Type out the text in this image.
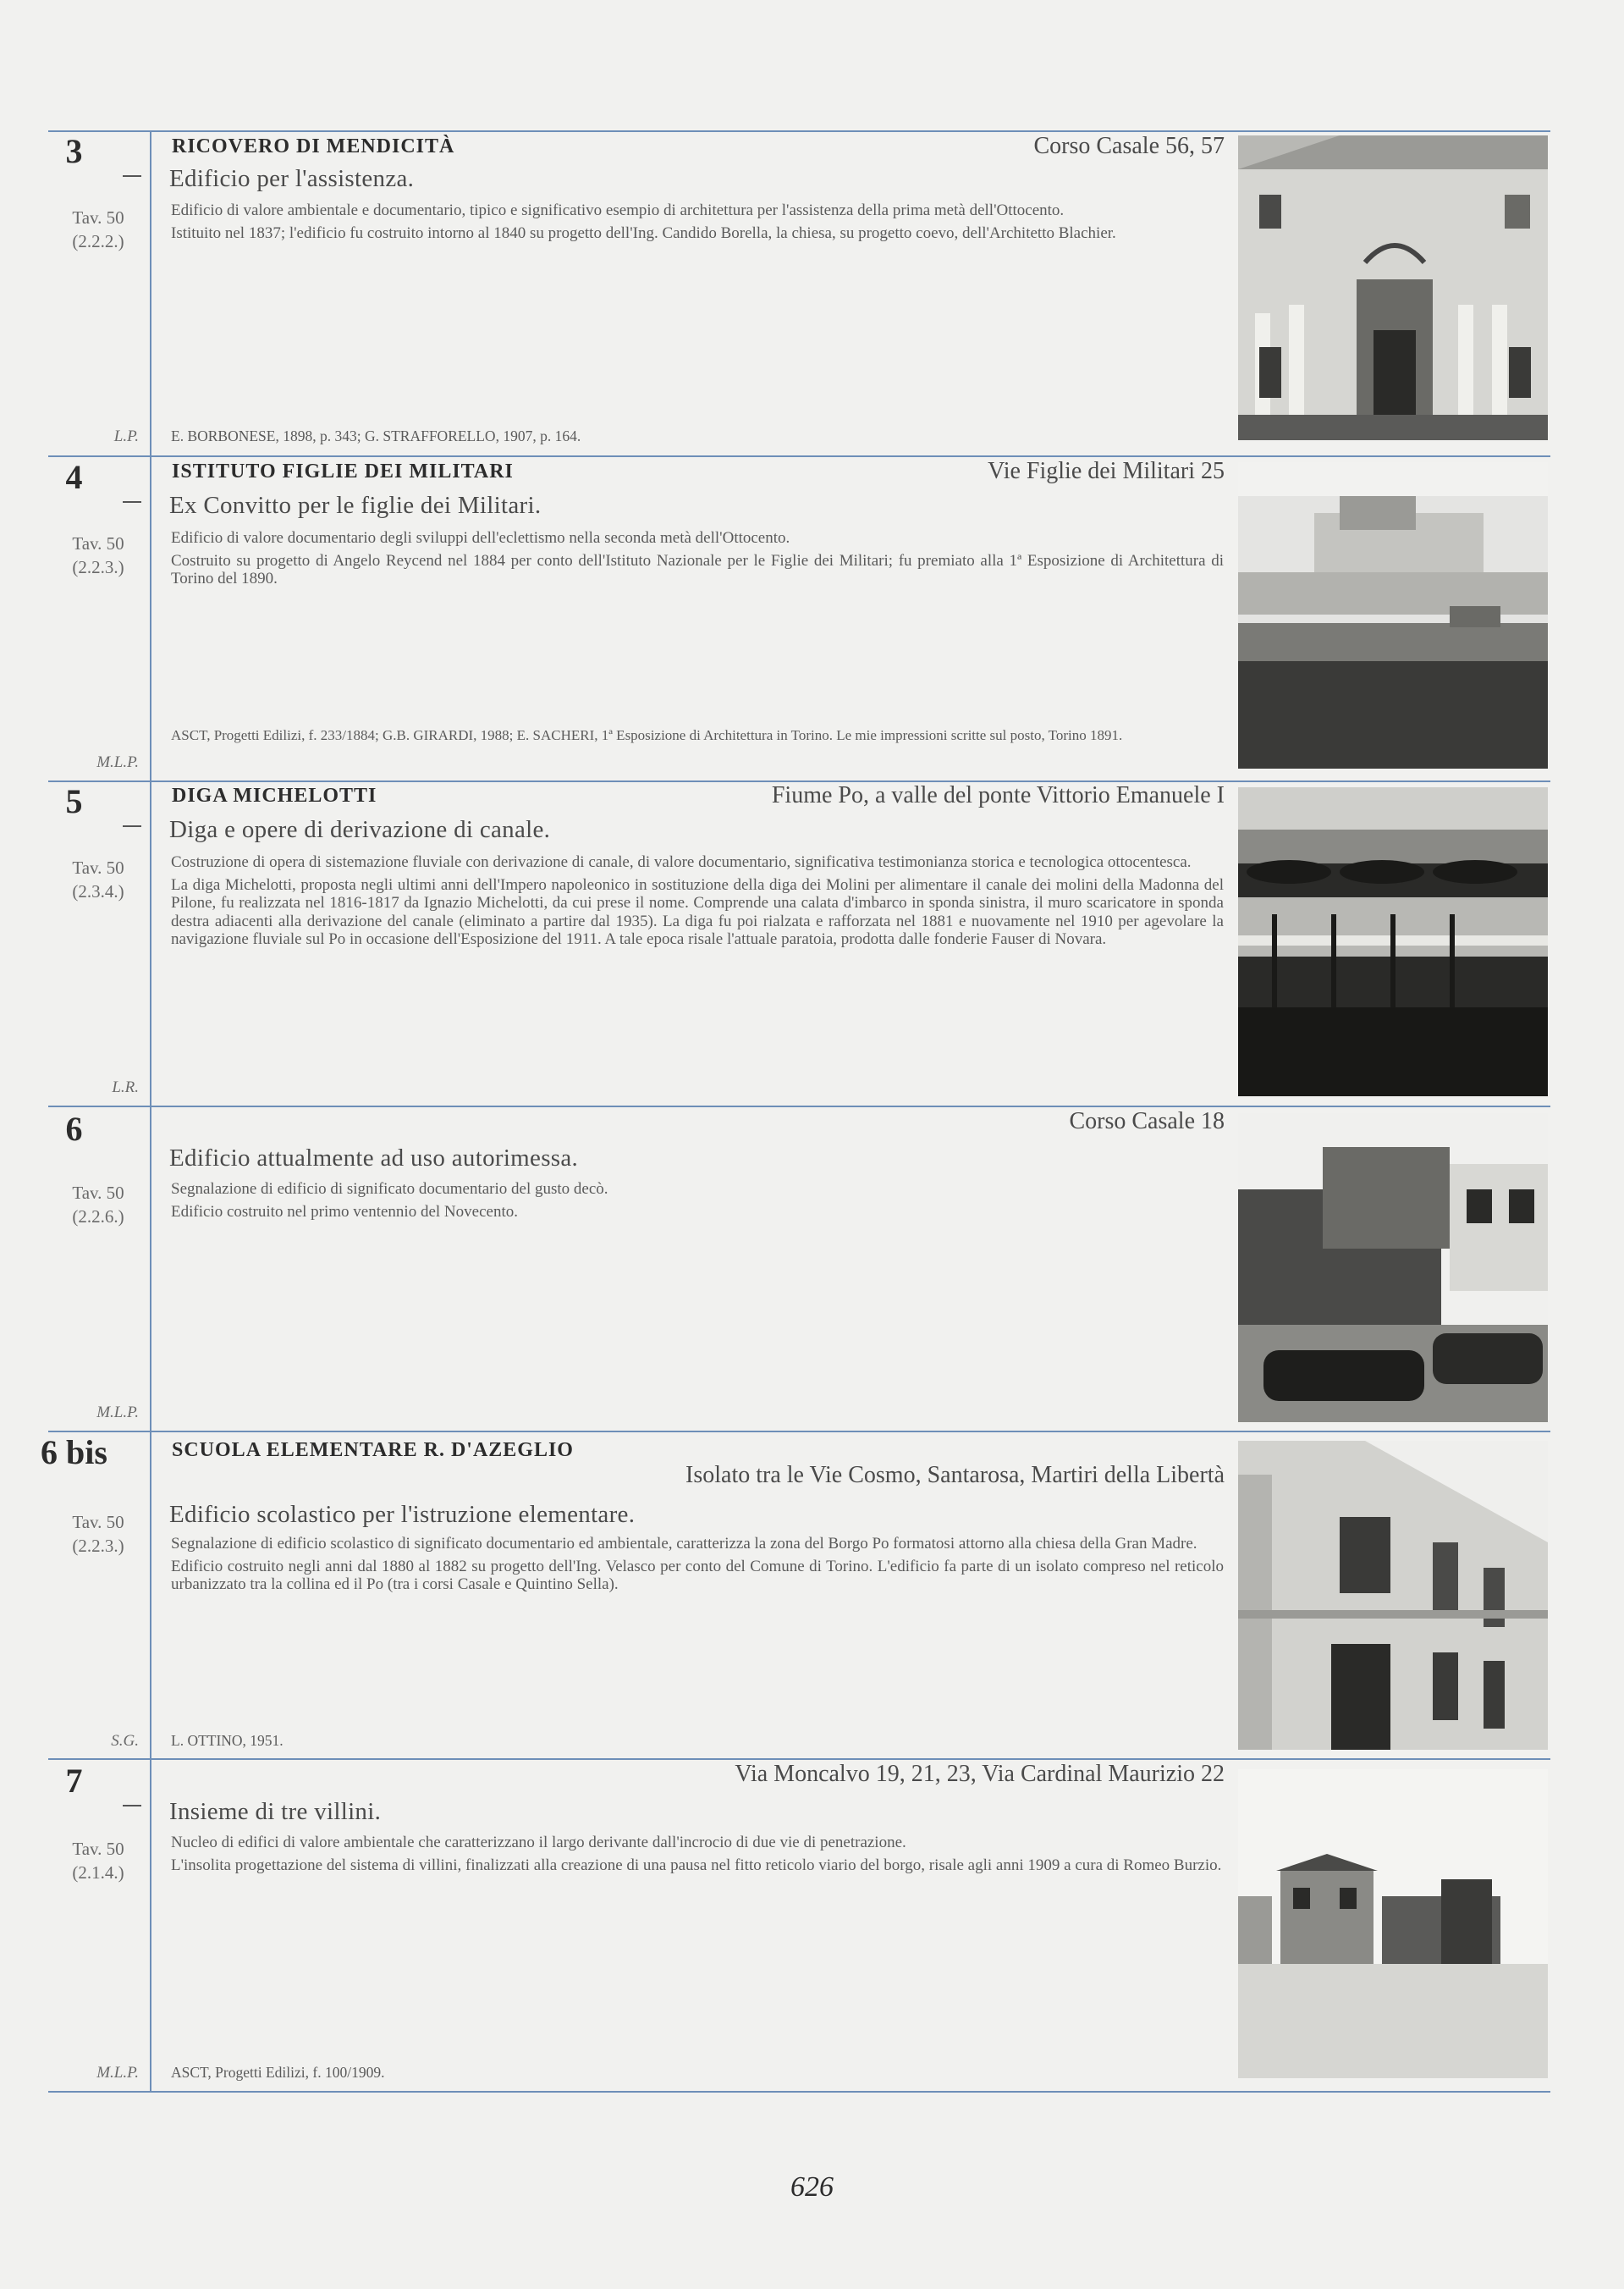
3
Tav. 50
(2.2.2.)
L.P.
RICOVERO DI MENDICITÀ	Corso Casale 56, 57
Edificio per l'assistenza.

Edificio di valore ambientale e documentario, tipico e significativo esempio di architettura per l'assistenza della prima metà dell'Ottocento.

Istituito nel 1837; l'edificio fu costruito intorno al 1840 su progetto dell'Ing. Candido Borella, la chiesa, su progetto coevo, dell'Architetto Blachier.

E. BORBONESE, 1898, p. 343; G. STRAFFORELLO, 1907, p. 164.
4
Tav. 50
(2.2.3.)
M.L.P.
ISTITUTO FIGLIE DEI MILITARI	Vie Figlie dei Militari 25
Ex Convitto per le figlie dei Militari.

Edificio di valore documentario degli sviluppi dell'eclettismo nella seconda metà dell'Ottocento.

Costruito su progetto di Angelo Reycend nel 1884 per conto dell'Istituto Nazionale per le Figlie dei Militari; fu premiato alla 1ª Esposizione di Architettura di Torino del 1890.

ASCT, Progetti Edilizi, f. 233/1884; G.B. GIRARDI, 1988; E. SACHERI, 1ª Esposizione di Architettura in Torino. Le mie impressioni scritte sul posto, Torino 1891.
5
Tav. 50
(2.3.4.)
L.R.
DIGA MICHELOTTI	Fiume Po, a valle del ponte Vittorio Emanuele I
Diga e opere di derivazione di canale.

Costruzione di opera di sistemazione fluviale con derivazione di canale, di valore documentario, significativa testimonianza storica e tecnologica ottocentesca.

La diga Michelotti, proposta negli ultimi anni dell'Impero napoleonico in sostituzione della diga dei Molini per alimentare il canale dei molini della Madonna del Pilone, fu realizzata nel 1816-1817 da Ignazio Michelotti, da cui prese il nome. Comprende una calata d'imbarco in sponda sinistra, il muro scaricatore in sponda destra adiacenti alla derivazione del canale (eliminato a partire dal 1935). La diga fu poi rialzata e rafforzata nel 1881 e nuovamente nel 1910 per agevolare la navigazione fluviale sul Po in occasione dell'Esposizione del 1911. A tale epoca risale l'attuale paratoia, prodotta dalle fonderie Fauser di Novara.

6
Tav. 50
(2.2.6.)
M.L.P.
Corso Casale 18
Edificio attualmente ad uso autorimessa.

Segnalazione di edificio di significato documentario del gusto decò.

Edificio costruito nel primo ventennio del Novecento.

6 bis
Tav. 50
(2.2.3.)
S.G.
SCUOLA ELEMENTARE R. D'AZEGLIO
Isolato tra le Vie Cosmo, Santarosa, Martiri della Libertà
Edificio scolastico per l'istruzione elementare.

Segnalazione di edificio scolastico di significato documentario ed ambientale, caratterizza la zona del Borgo Po formatosi attorno alla chiesa della Gran Madre.

Edificio costruito negli anni dal 1880 al 1882 su progetto dell'Ing. Velasco per conto del Comune di Torino. L'edificio fa parte di un isolato compreso nel reticolo urbanizzato tra la collina ed il Po (tra i corsi Casale e Quintino Sella).

L. OTTINO, 1951.
7
Tav. 50
(2.1.4.)
M.L.P.
Via Moncalvo 19, 21, 23, Via Cardinal Maurizio 22
Insieme di tre villini.

Nucleo di edifici di valore ambientale che caratterizzano il largo derivante dall'incrocio di due vie di penetrazione.

L'insolita progettazione del sistema di villini, finalizzati alla creazione di una pausa nel fitto reticolo viario del borgo, risale agli anni 1909 a cura di Romeo Burzio.

ASCT, Progetti Edilizi, f. 100/1909.
626
